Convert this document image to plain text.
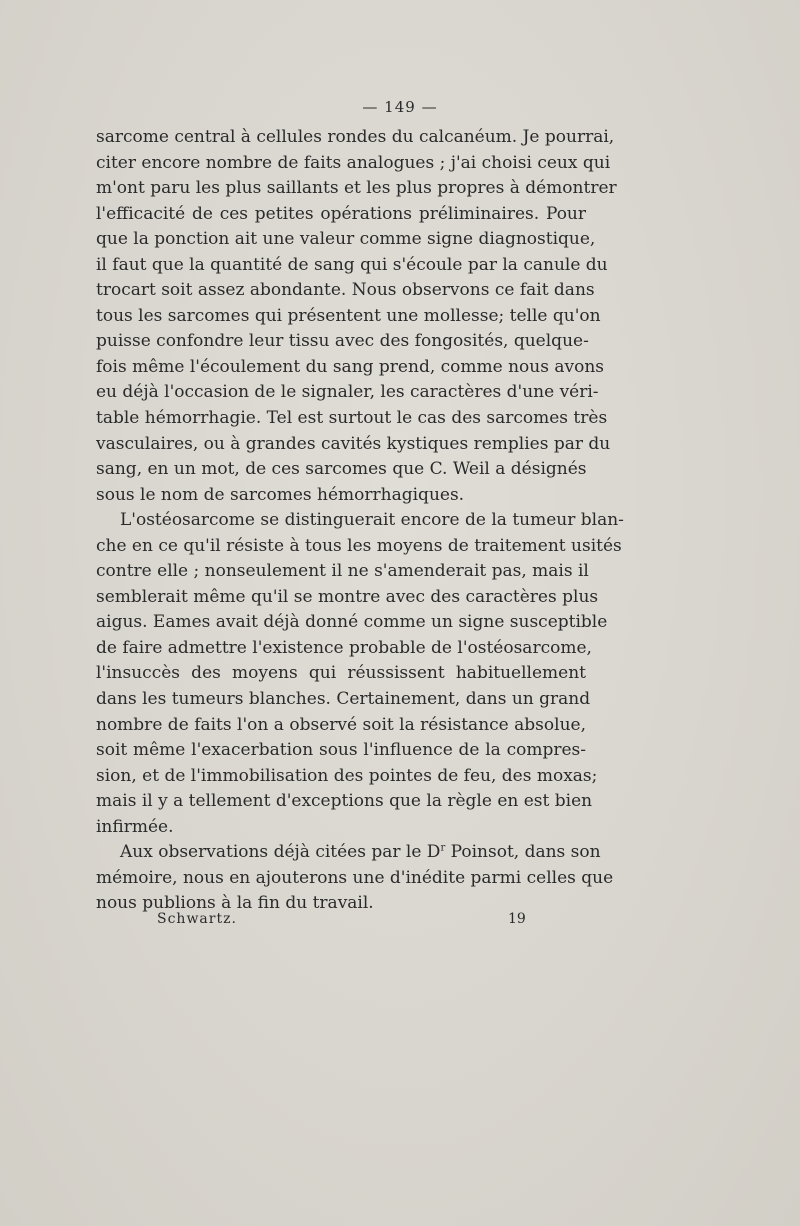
— 149 —
sarcome central à cellules rondes du calcanéum. Je pourrai,
citer encore nombre de faits analogues ; j'ai choisi ceux qui
m'ont paru les plus saillants et les plus propres à démontrer
l'efficacité de ces petites opérations préliminaires. Pour
que la ponction ait une valeur comme signe diagnostique,
il faut que la quantité de sang qui s'écoule par la canule du
trocart soit assez abondante. Nous observons ce fait dans
tous les sarcomes qui présentent une mollesse; telle qu'on
puisse confondre leur tissu avec des fongosités, quelque-
fois même l'écoulement du sang prend, comme nous avons
eu déjà l'occasion de le signaler, les caractères d'une véri-
table hémorrhagie. Tel est surtout le cas des sarcomes très
vasculaires, ou à grandes cavités kystiques remplies par du
sang, en un mot, de ces sarcomes que C. Weil a désignés
sous le nom de sarcomes hémorrhagiques.
L'ostéosarcome se distinguerait encore de la tumeur blan-
che en ce qu'il résiste à tous les moyens de traitement usités
contre elle ; nonseulement il ne s'amenderait pas, mais il
semblerait même qu'il se montre avec des caractères plus
aigus. Eames avait déjà donné comme un signe susceptible
de faire admettre l'existence probable de l'ostéosarcome,
l'insuccès des moyens qui réussissent habituellement
dans les tumeurs blanches. Certainement, dans un grand
nombre de faits l'on a observé soit la résistance absolue,
soit même l'exacerbation sous l'influence de la compres-
sion, et de l'immobilisation des pointes de feu, des moxas;
mais il y a tellement d'exceptions que la règle en est bien
infirmée.
Aux observations déjà citées par le $D^r$ Poinsot, dans son
mémoire, nous en ajouterons une d'inédite parmi celles que
nous publions à la fin du travail.
Schwartz.	19
